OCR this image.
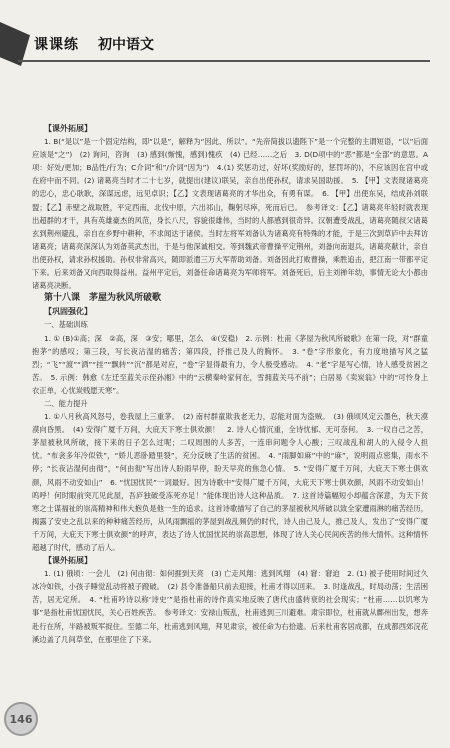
课课练 初中语文

【课外拓展】

1. B(“是以”是一个固定结构，即“以是”，解释为“因此、所以”。“先帝简拔以遗陛下”是一个完整的主谓短语，“以”后面应该是“之”)　(2) 询问，咨询　(3) 感到(惭愧，感到)愧疚　(4) 已经……之后　3. D(D项中的“恶”都是“全部”的意思。A 项：好处/更加；B品性/行为；C介词“和”/介词“因为”)　4.(1) 奖惩功过，好坏(奖励好的，惩罚坏的)，不应该因在宫中或在府中而不同。(2) 诸葛亮当时才二十七岁，就提出(建议)联吴，亲自出使孙权，请求吴国助援。　5. 【甲】文表现诸葛亮的忠心，忠心耿耿，深谋远虑，远见卓识；【乙】文表现诸葛亮的才华出众，有勇有谋。　6. 【甲】出使东吴，结成孙刘联盟；【乙】赤壁之战取胜，平定西南，北伐中原，六出祁山，鞠躬尽瘁，死而后已。　参考译文：【乙】诸葛亮年轻时就表现出超群的才干，具有英雄豪杰的风范，身长八尺，容貌很雄伟，当时的人都感到很奇异。汉朝遭受战乱，诸葛亮随叔父诸葛玄到荆州避乱，亲自在乡野中耕种，不求闻达于诸侯。当时左将军刘备认为诸葛亮有特殊的才能，于是三次到草庐中去拜访诸葛亮；诸葛亮深深认为刘备英武杰出，于是与他深诚相交。等到魏武帝曹操平定荆州，刘备向南退兵，诸葛亮献计，亲自出使孙权，请求孙权援助。孙权非常高兴，随即派遣三万大军帮助刘备。刘备因此打败曹操，乘胜追击，把江南一带都平定下来。后来刘备又向西取得益州。益州平定后，刘备任命诸葛亮为军师将军。刘备死后，后主刘禅年幼，事情无论大小都由诸葛亮决断。

第十八课　茅屋为秋风所破歌

【巩固强化】

一、基础训练

1. ① (B)①高；深　②高，深　③安；哪里，怎么　④(安稳)　2. 示例：杜甫《茅屋为秋风所破歌》在第一段，对“群童抱茅”的感叹；第三段，写长夜沾湿的痛苦；第四段，抒推己及人的胸怀。　3. “卷”字形象化，有力度地描写风之猛烈；“飞”“渡”“洒”“挂”“飘转”“沉”都是对应，“卷”字显得最有力，令人极受感动。　4. “老”字是写心情，诗人感受贫困之苦。　5. 示例：韩愈《左迁至蓝关示侄孙湘》中的“云横秦岭家何在，雪拥蓝关马不前”；白居易《卖炭翁》中的“可怜身上衣正单，心忧炭贱愿天寒”。

二、能力提升

1. ①八月秋高风怒号，卷我屋上三重茅。　(2) 南村群童欺我老无力，忍能对面为盗贼。　(3) 俄顷风定云墨色，秋天漠漠向昏黑。　(4) 安得广厦千万间，大庇天下寒士俱欢颜！　2. 诗人心情沉重，全诗忧郁、无可奈何。　3. 一叹自己之苦，茅屋被秋风所破，接下来的日子怎么过呢；二叹周围的人多苦，一连串问题令人心酸；三叹战乱和胡人的入侵令人担忧。“布衾多年冷似铁”，“娇儿恶卧踏里裂”，充分反映了生活的贫困。　4. “雨脚如麻”中的“麻”，说明雨点密集，雨水不停；“长夜沾湿何由彻”，“何由彻”写出诗人盼雨早停，盼天早亮的焦急心情。　5. “安得广厦千万间，大庇天下寒士俱欢颜，风雨不动安如山”　6. “忧国忧民”一词最好。因为诗歌中“安得广厦千万间，大庇天下寒士俱欢颜，风雨不动安如山！呜呼！何时眼前突兀见此屋，吾庐独破受冻死亦足！”能体现出诗人这种品质。　7. 这首诗篇幅短小却蕴含深意，为天下贫寒之士谋福祉的崇高精神和伟大抱负是他一生的追求。这首诗歌描写了自己的茅屋被秋风所破以致全家遭雨淋的痛苦经历，揭露了安史之乱以来的种种痛苦经历，从风雨飘摇的茅屋到战乱频仍的时代，诗人由己及人，推己及人，发出了“安得广厦千万间，大庇天下寒士俱欢颜”的呼声，表达了诗人忧国忧民的崇高思想，体现了诗人关心民间疾苦的伟大情怀。这种情怀超越了时代，感动了后人。

【课外拓展】

1. (1) 俄顷：一会儿　(2) 何由彻：如何捱到天亮　(3) 亡走风翔：逃到风翔　(4) 窘：窘迫　2. (1) 被子使用时间过久冰冷如铁，小孩子睡觉乱动将被子蹬破。　(2) 县令准备船只前去迎接，杜甫才得以回来。　3. 时逢战乱，时局动荡；生活困苦，居无定所。　4. “杜甫吟诗以称‘诗史’”是指杜甫的诗作真实地反映了唐代由盛转衰的社会现实；“杜甫……以饥寒为事”是指杜甫忧国忧民，关心百姓疾苦。　参考译文：安禄山叛乱，杜甫逃到三川避难。肃宗即位，杜甫就从鄜州出发，想奔赴行在所，半路被叛军捉住。至德二年，杜甫逃到风翔，拜见肃宗，被任命为右拾遗。后来杜甫客居成都，在成都西郊浣花溪边盖了几间草堂，在那里住了下来。

146
